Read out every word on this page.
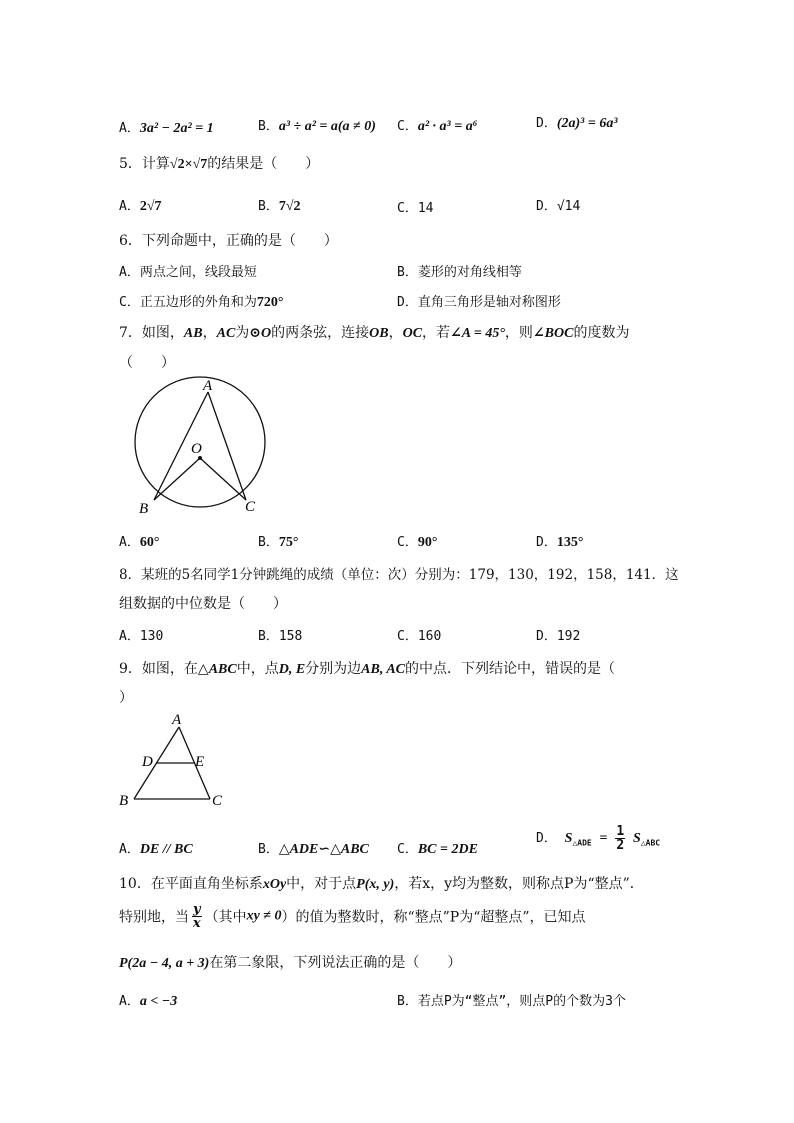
A．3a² − 2a² = 1	B．a³ ÷ a² = a(a ≠ 0) C．a² · a³ = a⁶	D．(2a)³ = 6a³
5．计算√2×√7的结果是（　　）
A．2√7	B．7√2	C．14	D．√14
6．下列命题中，正确的是（　　）
A．两点之间，线段最短	B．菱形的对角线相等
C．正五边形的外角和为720°	D．直角三角形是轴对称图形
7．如图，AB，AC为⊙O的两条弦，连接OB，OC，若∠A = 45°，则∠BOC的度数为
（　　）
A
O
B	C
A．60°	B．75°	C．90°	D．135°
8．某班的5名同学1分钟跳绳的成绩（单位：次）分别为：179，130，192，158，141．这
组数据的中位数是（　　）
A．130	B．158	C．160	D．192
9．如图，在△ABC中，点D, E分别为边AB, AC的中点．下列结论中，错误的是（
）
A
D	E
B	C
A．DE // BC	B．△ADE∽△ABC C．BC = 2DE
D． $S_{\triangle ADE} = \frac{1}{2} S_{\triangle ABC}$
10．在平面直角坐标系xOy中，对于点P(x, y)，若x，y均为整数，则称点P为“整点”．
特别地，当 $\frac{y}{x}$ （其中xy ≠ 0）的值为整数时，称“整点”P为“超整点”，已知点
P(2a − 4, a + 3)在第二象限，下列说法正确的是（　　）
A．a < −3	B．若点P为“整点”，则点P的个数为3个
